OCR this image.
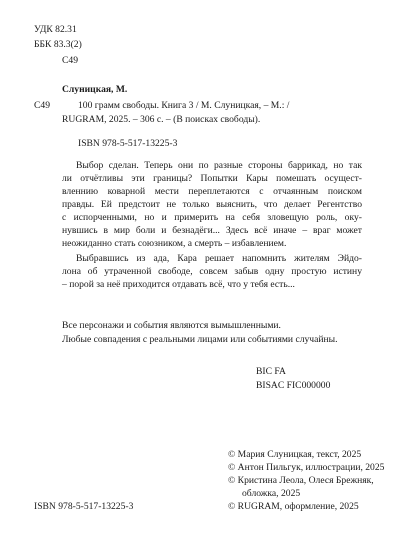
УДК 82.31
ББК 83.3(2)
С49
Слуницкая, М.
С49	100 грамм свободы. Книга 3 / М. Слуницкая, – М.: /
RUGRAM, 2025. – 306 с. – (В поисках свободы).
ISBN 978-5-517-13225-3
Выбор сделан. Теперь они по разные стороны баррикад, но так
ли отчётливы эти границы? Попытки Кары помешать осущест-
вленнию коварной мести переплетаются с отчаянным поиском
правды. Ей предстоит не только выяснить, что делает Регентство
с испорченными, но и примерить на себя зловещую роль, оку-
нувшись в мир боли и безнадёги... Здесь всё иначе – враг может
неожиданно стать союзником, а смерть – избавлением.
Выбравшись из ада, Кара решает напомнить жителям Эйдо-
лона об утраченной свободе, совсем забыв одну простую истину
– порой за неё приходится отдавать всё, что у тебя есть...
Все персонажи и события являются вымышленными.
Любые совпадения с реальными лицами или событиями случайны.
BIC FA
BISAC FIC000000
© Мария Слуницкая, текст, 2025
© Антон Пильгук, иллюстрации, 2025
© Кристина Леола, Олеся Брежняк,
обложка, 2025
ISBN 978-5-517-13225-3	© RUGRAM, оформление, 2025
